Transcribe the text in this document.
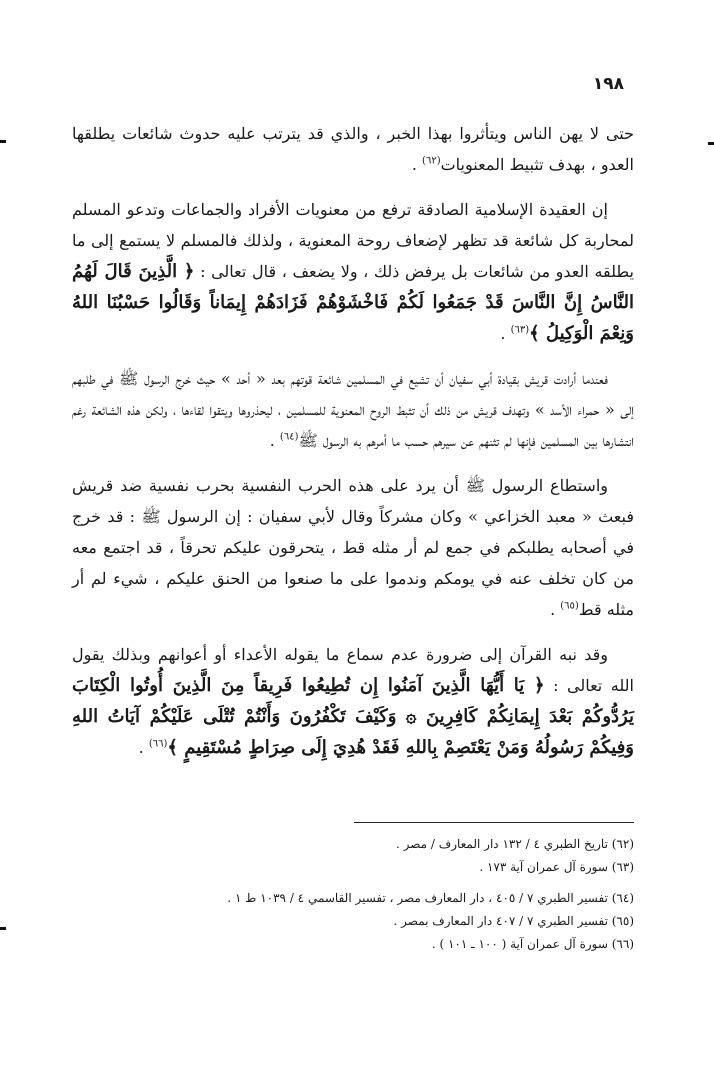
١٩٨

حتى لا يهن الناس ويتأثروا بهذا الخبر ، والذي قد يترتب عليه حدوث شائعات يطلقها العدو ، بهدف تثبيط المعنويات$^{(٦٢)}$ .

إن العقيدة الإسلامية الصادقة ترفع من معنويات الأفراد والجماعات وتدعو المسلم لمحاربة كل شائعة قد تظهر لإضعاف روحة المعنوية ، ولذلك فالمسلم لا يستمع إلى ما يطلقه العدو من شائعات بل يرفض ذلك ، ولا يضعف ، قال تعالى : ﴿ الَّذِينَ قَالَ لَهُمُ النَّاسُ إِنَّ النَّاسَ قَدْ جَمَعُوا لَكُمْ فَاخْشَوْهُمْ فَزَادَهُمْ إِيمَاناً وَقَالُوا حَسْبُنَا اللهُ وَنِعْمَ الْوَكِيلُ ﴾$^{(٦٣)}$ .

فعندما أرادت قريش بقيادة أبي سفيان أن تشيع في المسلمين شائعة قوتهم بعد « أحد » حيث خرج الرسول ﷺ في طلبهم إلى « حمراء الأسد » وتهدف قريش من ذلك أن تثبط الروح المعنوية للمسلمين ، ليحذروها ويتقوا لقاءها ، ولكن هذه الشائعة رغم انتشارها بين المسلمين فإنها لم تثنهم عن سيرهم حسب ما أمرهم به الرسول ﷺ$^{(٦٤)}$ .

واستطاع الرسول ﷺ أن يرد على هذه الحرب النفسية بحرب نفسية ضد قريش فبعث « معبد الخزاعي » وكان مشركاً وقال لأبي سفيان : إن الرسول ﷺ : قد خرج في أصحابه يطلبكم في جمع لم أر مثله قط ، يتحرقون عليكم تحرقاً ، قد اجتمع معه من كان تخلف عنه في يومكم وندموا على ما صنعوا من الحنق عليكم ، شيء لم أر مثله قط$^{(٦٥)}$ .

وقد نبه القرآن إلى ضرورة عدم سماع ما يقوله الأعداء أو أعوانهم وبذلك يقول الله تعالى : ﴿ يَا أَيُّهَا الَّذِينَ آمَنُوا إِن تُطِيعُوا فَرِيقاً مِنَ الَّذِينَ أُوتُوا الْكِتَابَ يَرُدُّوكُمْ بَعْدَ إِيمَانِكُمْ كَافِرِينَ ۞ وَكَيْفَ تَكْفُرُونَ وَأَنْتُمْ تُتْلَى عَلَيْكُمْ آيَاتُ اللهِ وَفِيكُمْ رَسُولُهُ وَمَنْ يَعْتَصِمْ بِاللهِ فَقَدْ هُدِيَ إِلَى صِرَاطٍ مُسْتَقِيمٍ ﴾$^{(٦٦)}$ .

(٦٢) تاريخ الطبري ٤ / ١٣٢ دار المعارف / مصر .
(٦٣) سورة آل عمران آية ١٧٣ .
(٦٤) تفسير الطبري ٧ / ٤٠٥ ، دار المعارف مصر ، تفسير القاسمي ٤ / ١٠٣٩ ط ١ .
(٦٥) تفسير الطبري ٧ / ٤٠٧ دار المعارف بمصر .
(٦٦) سورة آل عمران آية ( ١٠٠ ـ ١٠١ ) .
